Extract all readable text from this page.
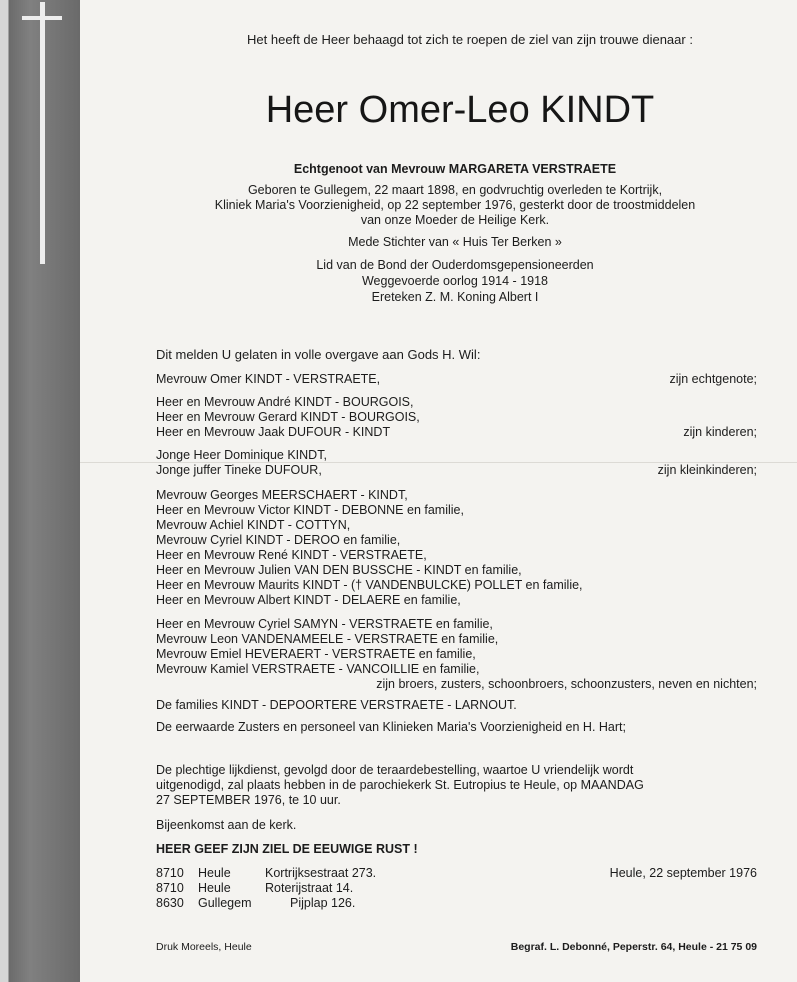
Het heeft de Heer behaagd tot zich te roepen de ziel van zijn trouwe dienaar :
Heer Omer-Leo KINDT
Echtgenoot van Mevrouw MARGARETA VERSTRAETE
Geboren te Gullegem, 22 maart 1898, en godvruchtig overleden te Kortrijk,
Kliniek Maria's Voorzienigheid, op 22 september 1976, gesterkt door de troostmiddelen
van onze Moeder de Heilige Kerk.
Mede Stichter van « Huis Ter Berken »
Lid van de Bond der Ouderdomsgepensioneerden
Weggevoerde oorlog 1914 - 1918
Ereteken Z. M. Koning Albert I
Dit melden U gelaten in volle overgave aan Gods H. Wil:
Mevrouw Omer KINDT - VERSTRAETE,	zijn echtgenote;
Heer en Mevrouw André KINDT - BOURGOIS,
Heer en Mevrouw Gerard KINDT - BOURGOIS,
Heer en Mevrouw Jaak DUFOUR - KINDT	zijn kinderen;
Jonge Heer Dominique KINDT,
Jonge juffer Tineke DUFOUR,	zijn kleinkinderen;
Mevrouw Georges MEERSCHAERT - KINDT,
Heer en Mevrouw Victor KINDT - DEBONNE en familie,
Mevrouw Achiel KINDT - COTTYN,
Mevrouw Cyriel KINDT - DEROO en familie,
Heer en Mevrouw René KINDT - VERSTRAETE,
Heer en Mevrouw Julien VAN DEN BUSSCHE - KINDT en familie,
Heer en Mevrouw Maurits KINDT - († VANDENBULCKE) POLLET en familie,
Heer en Mevrouw Albert KINDT - DELAERE en familie,
Heer en Mevrouw Cyriel SAMYN - VERSTRAETE en familie,
Mevrouw Leon VANDENAMEELE - VERSTRAETE en familie,
Mevrouw Emiel HEVERAERT - VERSTRAETE en familie,
Mevrouw Kamiel VERSTRAETE - VANCOILLIE en familie,
zijn broers, zusters, schoonbroers, schoonzusters, neven en nichten;
De families KINDT - DEPOORTERE VERSTRAETE - LARNOUT.
De eerwaarde Zusters en personeel van Klinieken Maria's Voorzienigheid en H. Hart;
De plechtige lijkdienst, gevolgd door de teraardebestelling, waartoe U vriendelijk wordt
uitgenodigd, zal plaats hebben in de parochiekerk St. Eutropius te Heule, op MAANDAG
27 SEPTEMBER 1976, te 10 uur.
Bijeenkomst aan de kerk.
HEER GEEF ZIJN ZIEL DE EEUWIGE RUST !
8710 Heule	Kortrijksestraat 273.
8710 Heule	Roterijstraat 14.
8630 Gullegem	Pijplap 126.
Heule, 22 september 1976
Druk Moreels, Heule	Begraf. L. Debonné, Peperstr. 64, Heule - 21 75 09
